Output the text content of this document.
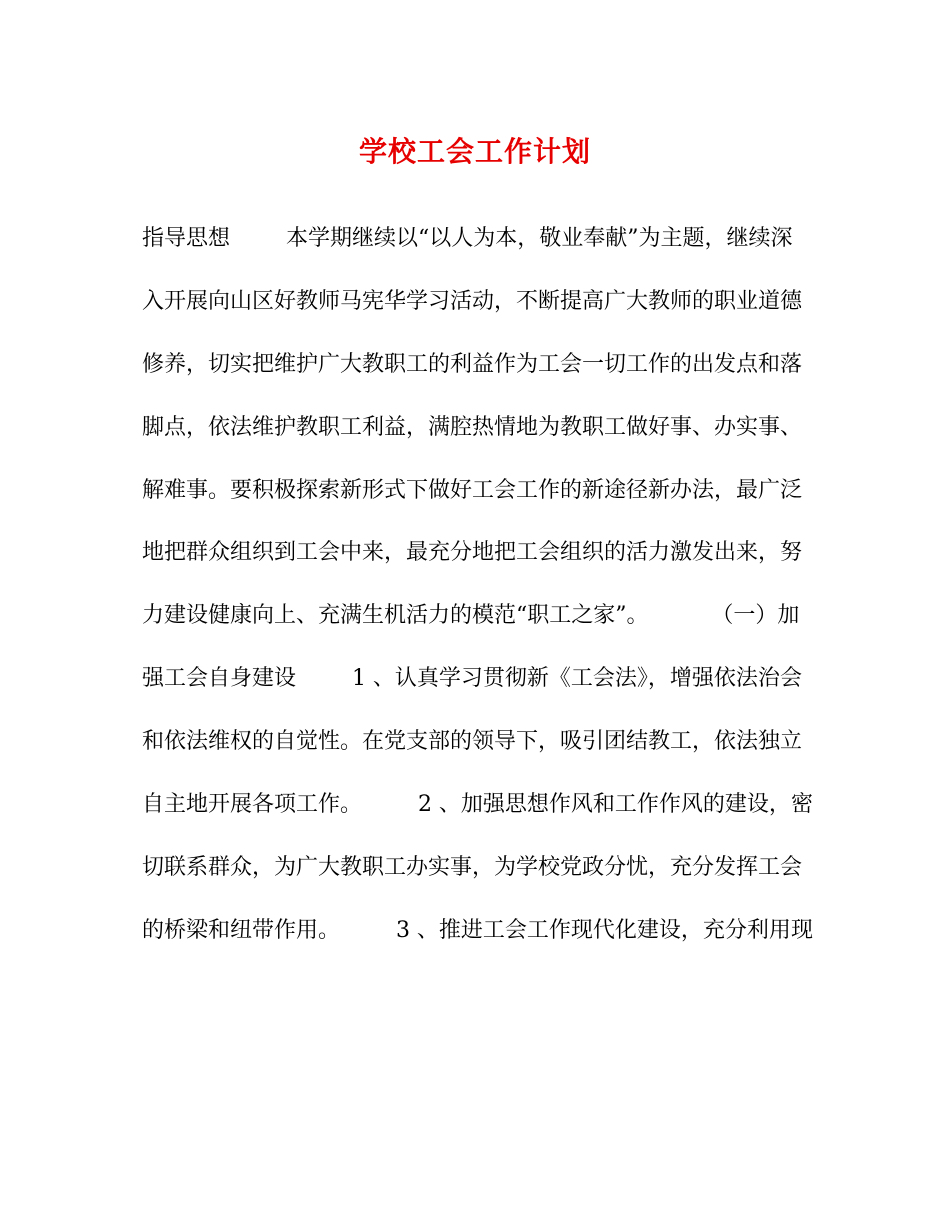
学校工会工作计划
指导思想        本学期继续以“以人为本，敬业奉献”为主题，继续深
入开展向山区好教师马宪华学习活动，不断提高广大教师的职业道德
修养，切实把维护广大教职工的利益作为工会一切工作的出发点和落
脚点，依法维护教职工利益，满腔热情地为教职工做好事、办实事、
解难事。要积极探索新形式下做好工会工作的新途径新办法，最广泛
地把群众组织到工会中来，最充分地把工会组织的活力激发出来，努
力建设健康向上、充满生机活力的模范“职工之家”。         （一）加
强工会自身建设        1 、认真学习贯彻新《工会法》，增强依法治会
和依法维权的自觉性。在党支部的领导下，吸引团结教工，依法独立
自主地开展各项工作。        2 、加强思想作风和工作作风的建设，密
切联系群众，为广大教职工办实事，为学校党政分忧，充分发挥工会
的桥梁和纽带作用。        3 、推进工会工作现代化建设，充分利用现
